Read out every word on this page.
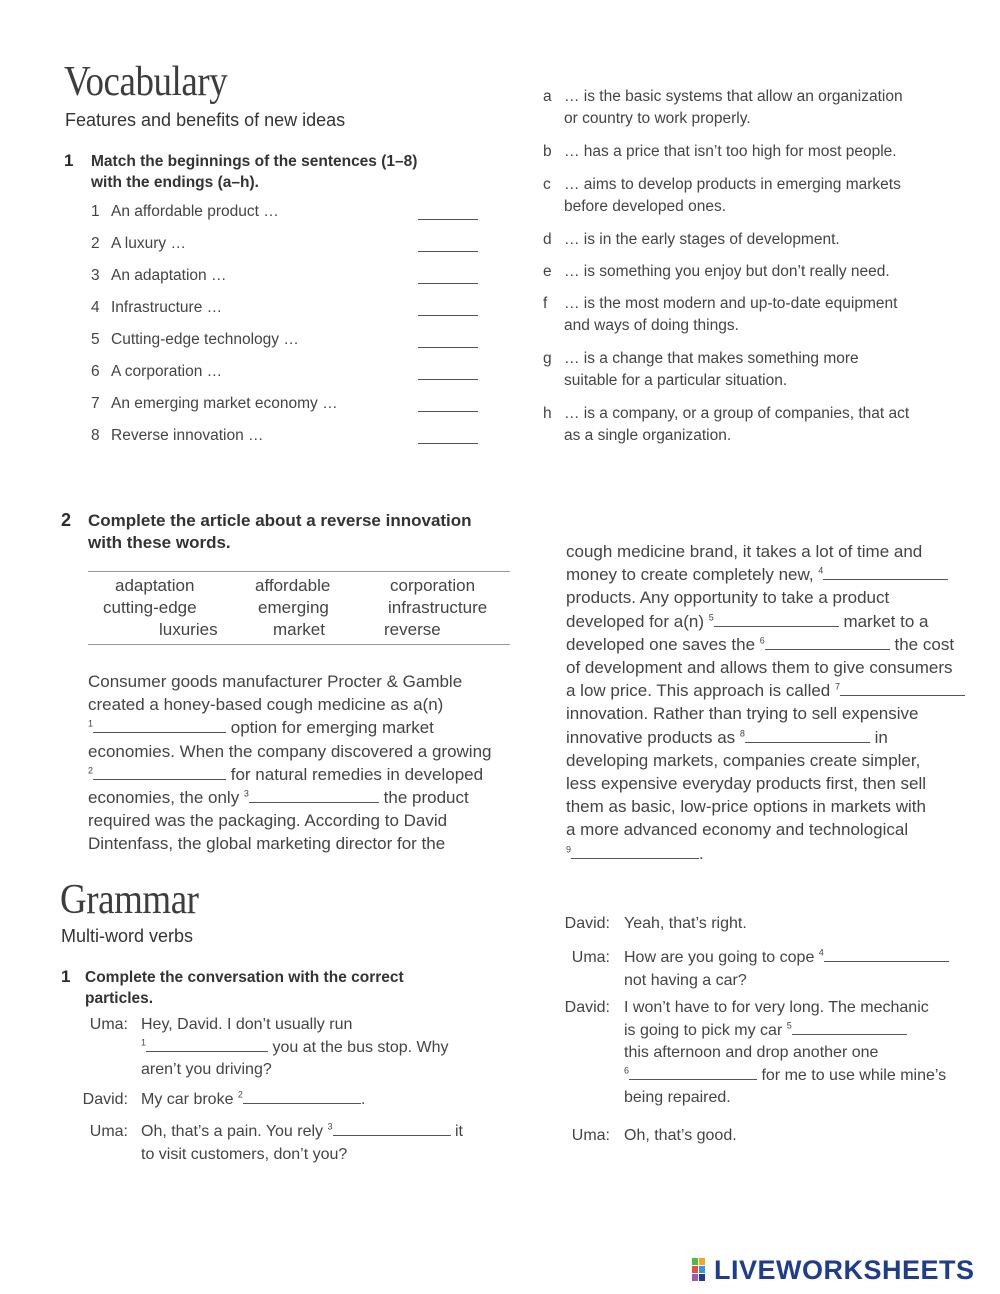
Vocabulary
Features and benefits of new ideas
1 Match the beginnings of the sentences (1–8)
with the endings (a–h).
1 An affordable product …
2 A luxury …
3 An adaptation …
4 Infrastructure …
5 Cutting-edge technology …
6 A corporation …
7 An emerging market economy …
8 Reverse innovation …
a … is the basic systems that allow an organization
or country to work properly.
b … has a price that isn’t too high for most people.
c … aims to develop products in emerging markets
before developed ones.
d … is in the early stages of development.
e … is something you enjoy but don’t really need.
f … is the most modern and up-to-date equipment
and ways of doing things.
g … is a change that makes something more
suitable for a particular situation.
h … is a company, or a group of companies, that act
as a single organization.
2 Complete the article about a reverse innovation
with these words.
adaptation	affordable	corporation
cutting-edge	emerging	infrastructure
luxuries	market	reverse
Consumer goods manufacturer Procter & Gamble
created a honey-based cough medicine as a(n)
$^1$	option for emerging market
economies. When the company discovered a growing
$^2$	for natural remedies in developed
economies, the only $^3$	the product
required was the packaging. According to David
Dintenfass, the global marketing director for the
cough medicine brand, it takes a lot of time and
money to create completely new, $^4$
products. Any opportunity to take a product
developed for a(n) $^5$	market to a
developed one saves the $^6$	the cost
of development and allows them to give consumers
a low price. This approach is called $^7$
innovation. Rather than trying to sell expensive
innovative products as $^8$	in
developing markets, companies create simpler,
less expensive everyday products first, then sell
them as basic, low-price options in markets with
a more advanced economy and technological
$^9$	.
Grammar
Multi-word verbs
1 Complete the conversation with the correct
particles.
Uma: Hey, David. I don’t usually run
$^1$	you at the bus stop. Why
aren’t you driving?
David: My car broke $^2$	.
Uma: Oh, that’s a pain. You rely $^3$	it
to visit customers, don’t you?
David: Yeah, that’s right.
Uma: How are you going to cope $^4$
not having a car?
David: I won’t have to for very long. The mechanic
is going to pick my car $^5$
this afternoon and drop another one
$^6$	for me to use while mine’s
being repaired.
Uma: Oh, that’s good.
LIVEWORKSHEETS
